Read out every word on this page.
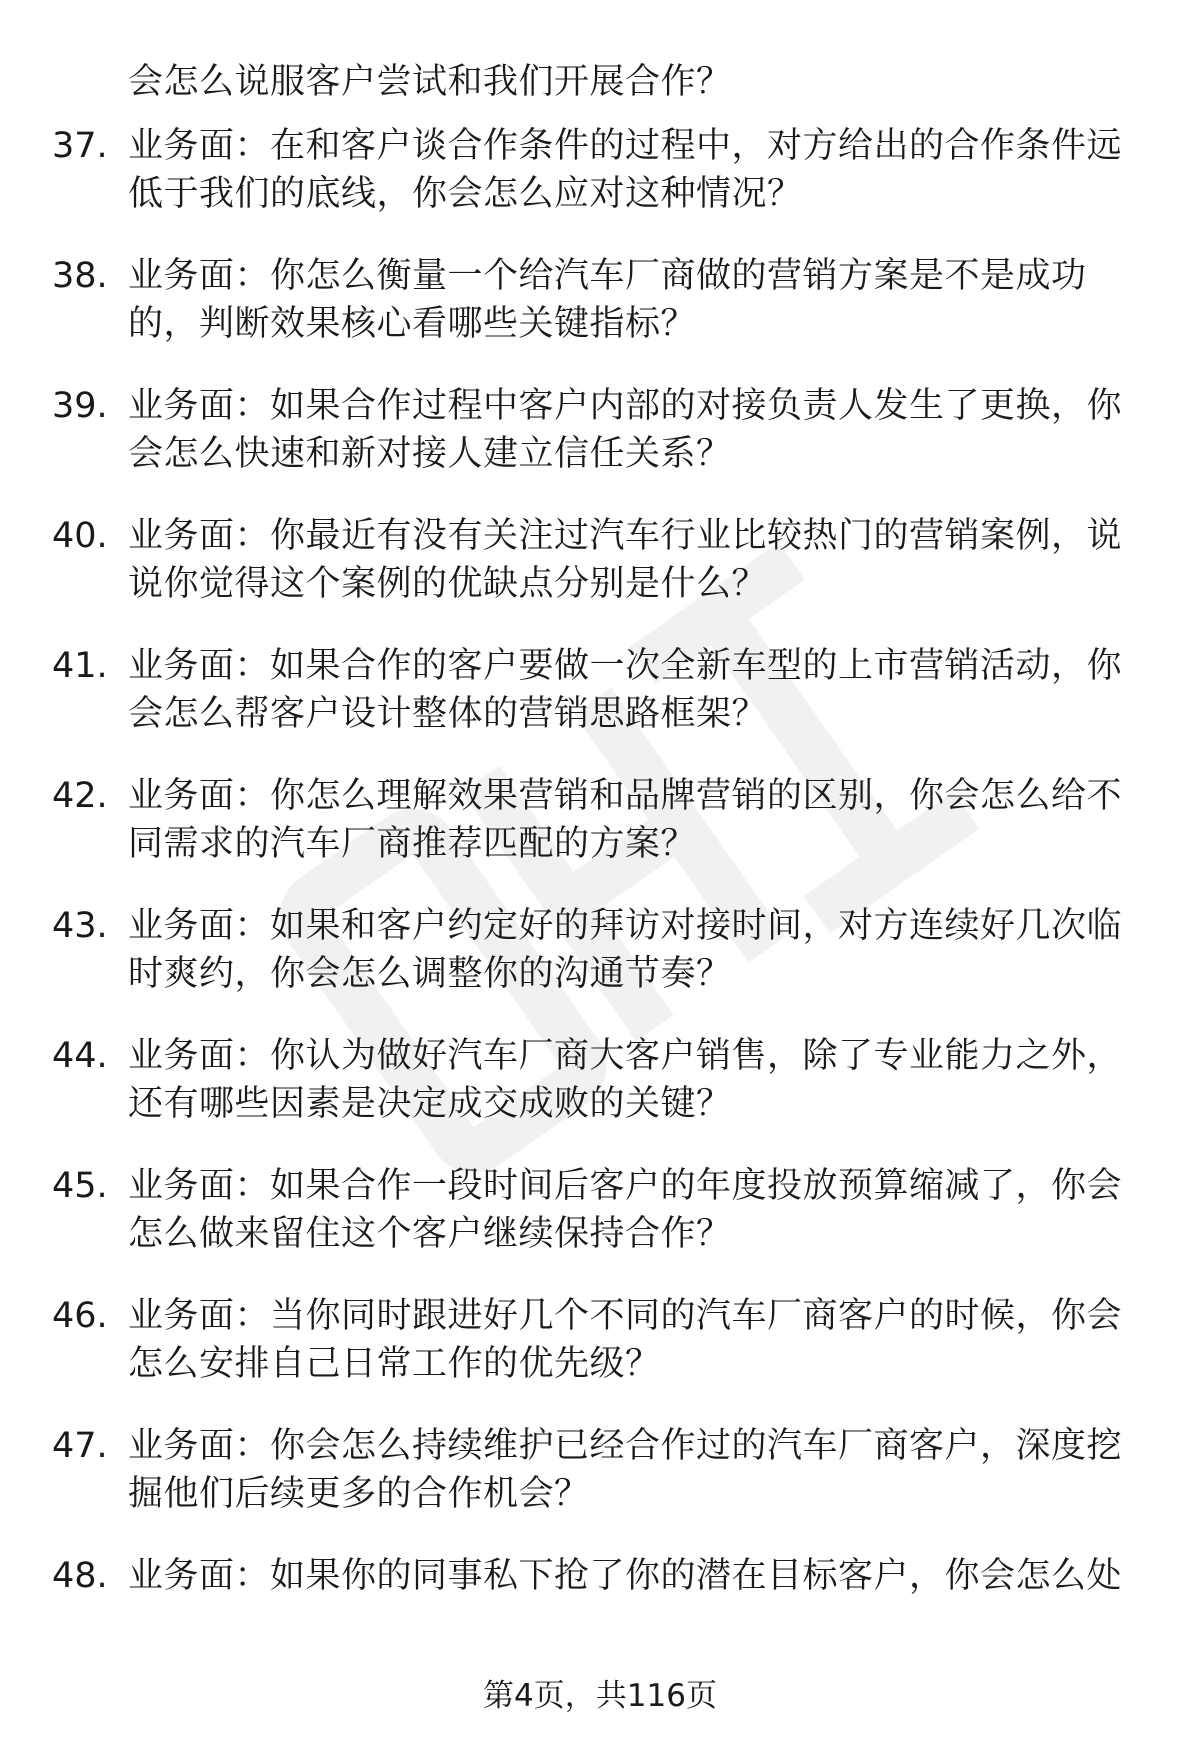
会怎么说服客户尝试和我们开展合作？
37. 业务面：在和客户谈合作条件的过程中，对方给出的合作条件远低于我们的底线，你会怎么应对这种情况？
38. 业务面：你怎么衡量一个给汽车厂商做的营销方案是不是成功的，判断效果核心看哪些关键指标？
39. 业务面：如果合作过程中客户内部的对接负责人发生了更换，你会怎么快速和新对接人建立信任关系？
40. 业务面：你最近有没有关注过汽车行业比较热门的营销案例，说说你觉得这个案例的优缺点分别是什么？
41. 业务面：如果合作的客户要做一次全新车型的上市营销活动，你会怎么帮客户设计整体的营销思路框架？
42. 业务面：你怎么理解效果营销和品牌营销的区别，你会怎么给不同需求的汽车厂商推荐匹配的方案？
43. 业务面：如果和客户约定好的拜访对接时间，对方连续好几次临时爽约，你会怎么调整你的沟通节奏？
44. 业务面：你认为做好汽车厂商大客户销售，除了专业能力之外，还有哪些因素是决定成交成败的关键？
45. 业务面：如果合作一段时间后客户的年度投放预算缩减了，你会怎么做来留住这个客户继续保持合作？
46. 业务面：当你同时跟进好几个不同的汽车厂商客户的时候，你会怎么安排自己日常工作的优先级？
47. 业务面：你会怎么持续维护已经合作过的汽车厂商客户，深度挖掘他们后续更多的合作机会？
48. 业务面：如果你的同事私下抢了你的潜在目标客户，你会怎么处
第4页，共116页
